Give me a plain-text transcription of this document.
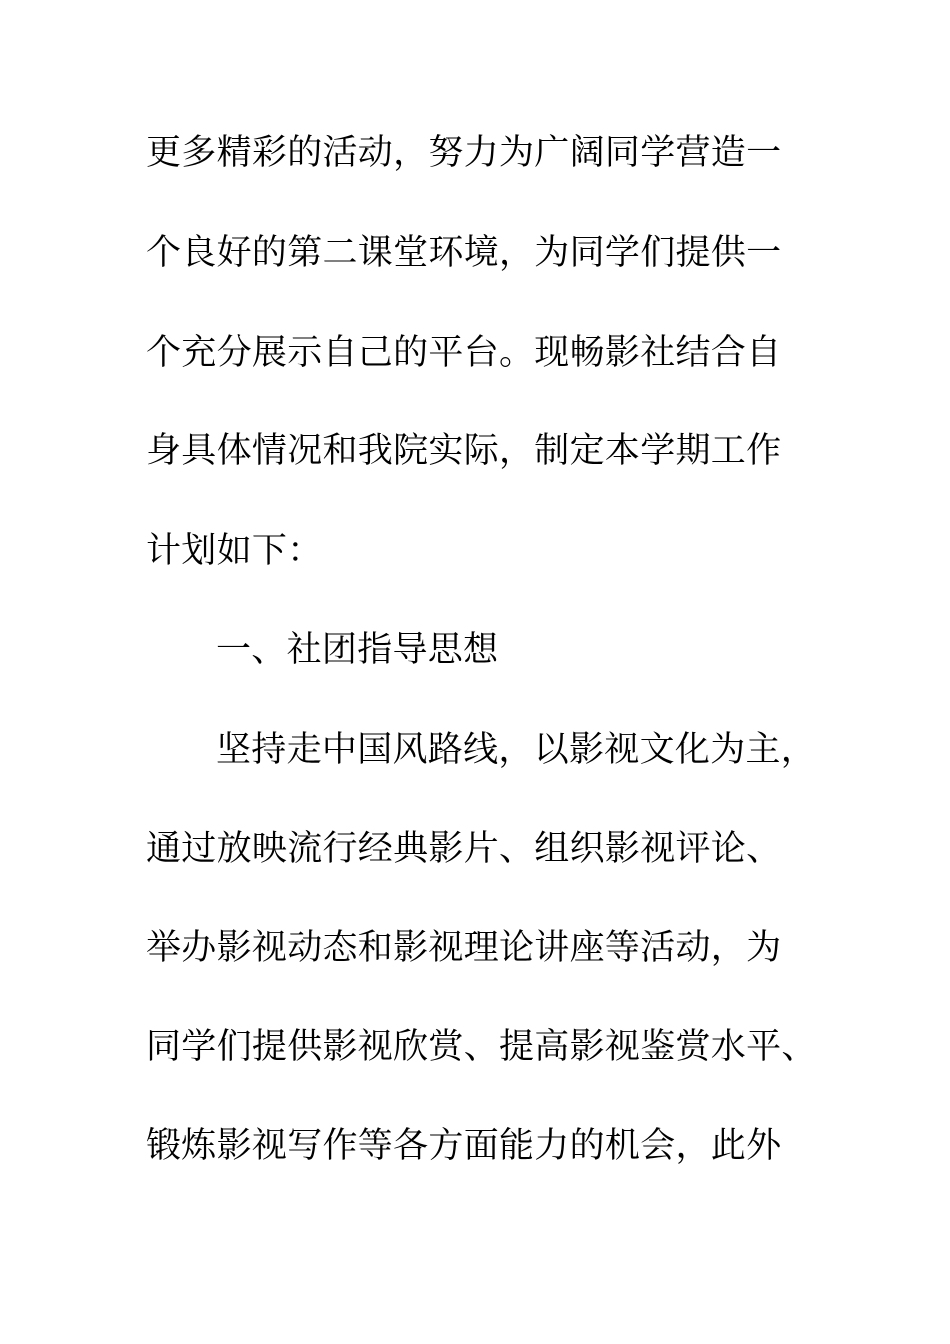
更多精彩的活动，努力为广阔同学营造一
个良好的第二课堂环境，为同学们提供一
个充分展示自己的平台。现畅影社结合自
身具体情况和我院实际，制定本学期工作
计划如下：
一、社团指导思想
坚持走中国风路线，以影视文化为主，
通过放映流行经典影片、组织影视评论、
举办影视动态和影视理论讲座等活动，为
同学们提供影视欣赏、提高影视鉴赏水平、
锻炼影视写作等各方面能力的机会，此外
